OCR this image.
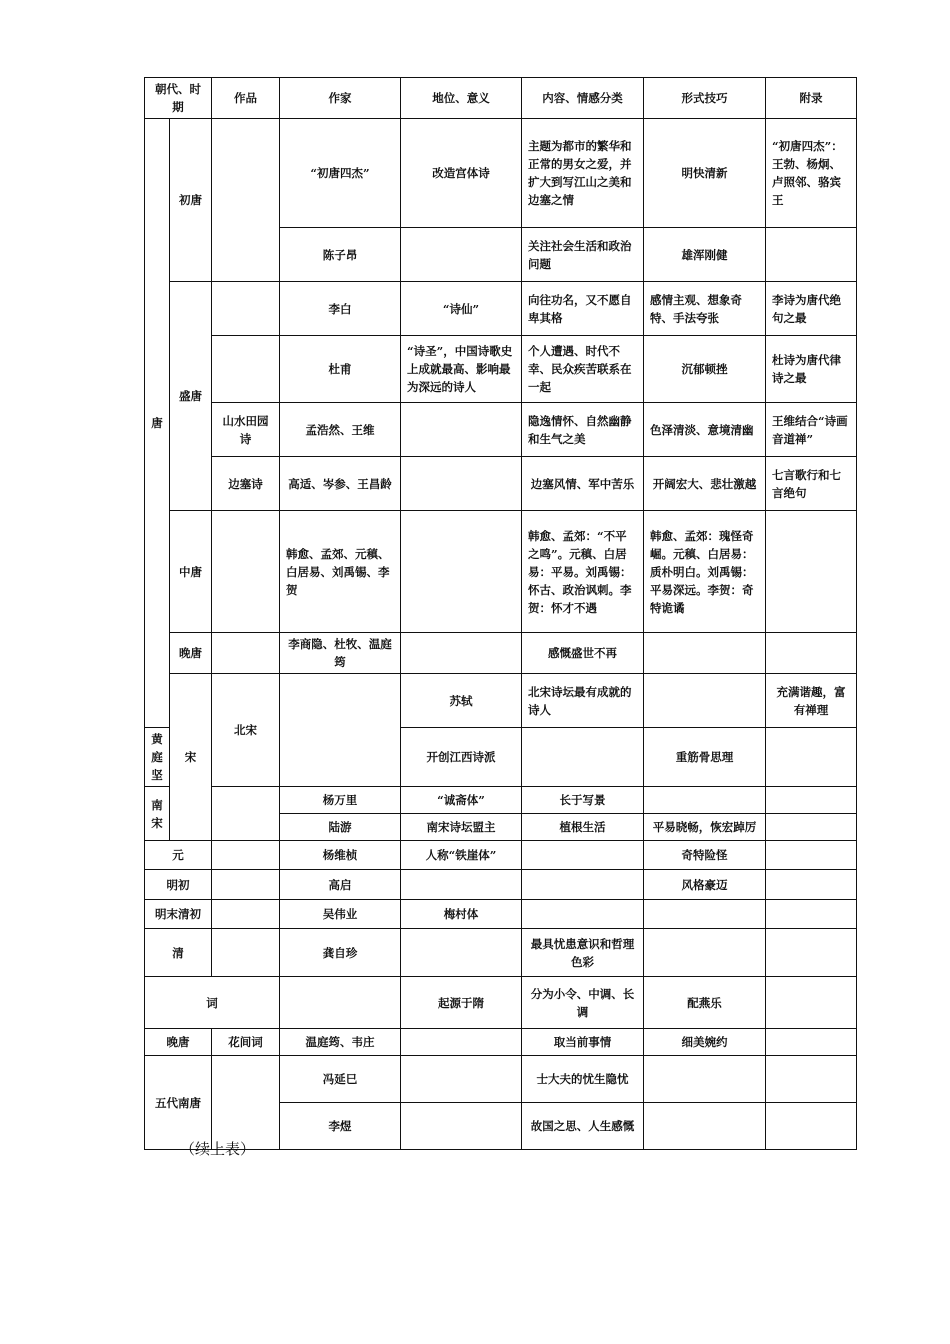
朝代、时期		作品	作家	地位、意义	内容、情感分类	形式技巧	附录	
唐	初唐		“初唐四杰”	改造宫体诗	主题为都市的繁华和正常的男女之爱，并扩大到写江山之美和边塞之情	明快清新	“初唐四杰”：王勃、杨炯、卢照邻、骆宾王	
			陈子昂		关注社会生活和政治问题	雄浑刚健		
	盛唐		李白	“诗仙”	向往功名，又不愿自卑其格	感情主观、想象奇特、手法夸张	李诗为唐代绝句之最	
			杜甫	“诗圣”，中国诗歌史上成就最高、影响最为深远的诗人	个人遭遇、时代不幸、民众疾苦联系在一起	沉郁顿挫	杜诗为唐代律诗之最	
		山水田园诗	孟浩然、王维		隐逸情怀、自然幽静和生气之美	色泽清淡、意境清幽	王维结合“诗画音道禅”	
		边塞诗	高适、岑参、王昌龄		边塞风情、军中苦乐	开阔宏大、悲壮激越	七言歌行和七言绝句	
	中唐		韩愈、孟郊、元稹、白居易、刘禹锡、李贺		韩愈、孟郊：“不平之鸣”。元稹、白居易：平易。刘禹锡：怀古、政治讽刺。李贺：怀才不遇	韩愈、孟郊：瑰怪奇崛。元稹、白居易：质朴明白。刘禹锡：平易深远。李贺：奇特诡谲		
	晚唐		李商隐、杜牧、温庭筠		感慨盛世不再			
	宋	北宋		苏轼	北宋诗坛最有成就的诗人		充满谐趣，富有禅理	
黄庭坚				开创江西诗派		重筋骨思理		
南宋			杨万里	“诚斋体”	长于写景			
			陆游	南宋诗坛盟主	植根生活	平易晓畅，恢宏踔厉		
元			杨维桢	人称“铁崖体”		奇特险怪		
明初			高启			风格豪迈		
明末清初			吴伟业	梅村体				
清			龚自珍		最具忧患意识和哲理色彩			
词				起源于隋	分为小令、中调、长调	配燕乐		
晚唐		花间词	温庭筠、韦庄		取当前事情	细美婉约		
五代南唐			冯延巳		士大夫的忧生隐忧			
			李煜		故国之思、人生感慨			
（续上表）
